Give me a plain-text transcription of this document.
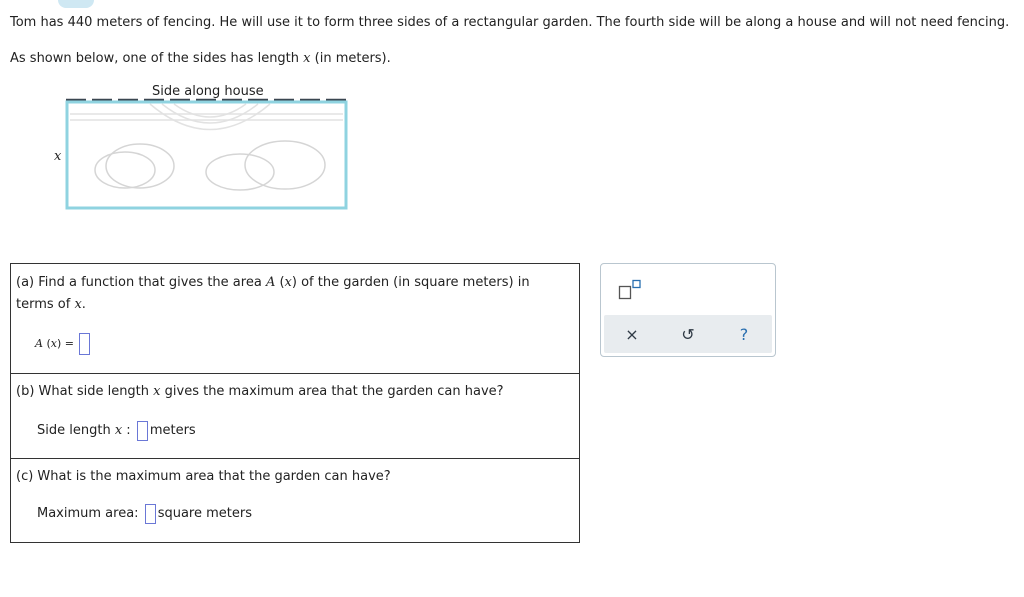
Tom has 440 meters of fencing. He will use it to form three sides of a rectangular garden. The fourth side will be along a house and will not need fencing.
As shown below, one of the sides has length x (in meters).
Side along house
x
(a) Find a function that gives the area A (x) of the garden (in square meters) in
terms of x.
A (x) =
(b) What side length x gives the maximum area that the garden can have?
Side length x : meters
(c) What is the maximum area that the garden can have?
Maximum area: square meters
×	↺	?
